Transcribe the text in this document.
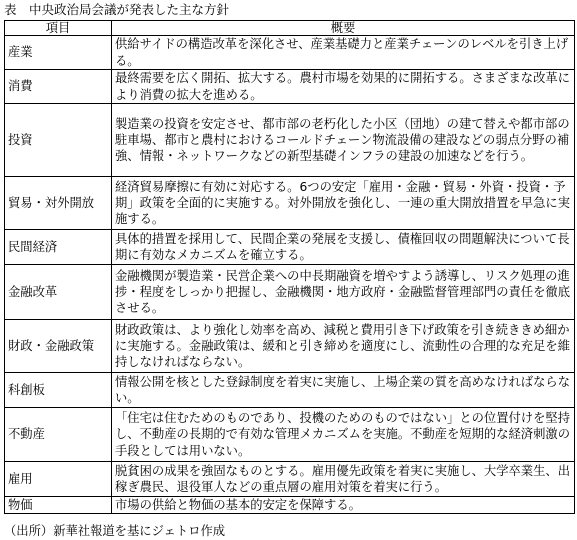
表　中央政治局会議が発表した主な方針
項目	概要
産業	供給サイドの構造改革を深化させ、産業基礎力と産業チェーンのレベルを引き上げる。
消費	最終需要を広く開拓、拡大する。農村市場を効果的に開拓する。さまざまな改革により消費の拡大を進める。
投資	製造業の投資を安定させ、都市部の老朽化した小区（団地）の建て替えや都市部の駐車場、都市と農村におけるコールドチェーン物流設備の建設などの弱点分野の補強、情報・ネットワークなどの新型基礎インフラの建設の加速などを行う。
貿易・対外開放	経済貿易摩擦に有効に対応する。6つの安定「雇用・金融・貿易・外資・投資・予期」政策を全面的に実施する。対外開放を強化し、一連の重大開放措置を早急に実施する。
民間経済	具体的措置を採用して、民間企業の発展を支援し、債権回収の問題解決について長期に有効なメカニズムを確立する。
金融改革	金融機関が製造業・民営企業への中長期融資を増やすよう誘導し、リスク処理の進捗・程度をしっかり把握し、金融機関・地方政府・金融監督管理部門の責任を徹底させる。
財政・金融政策	財政政策は、より強化し効率を高め、減税と費用引き下げ政策を引き続ききめ細かに実施する。金融政策は、緩和と引き締めを適度にし、流動性の合理的な充足を維持しなければならない。
科創板	情報公開を核とした登録制度を着実に実施し、上場企業の質を高めなければならない。
不動産	「住宅は住むためのものであり、投機のためのものではない」との位置付けを堅持し、不動産の長期的で有効な管理メカニズムを実施。不動産を短期的な経済刺激の手段としては用いない。
雇用	脱貧困の成果を強固なものとする。雇用優先政策を着実に実施し、大学卒業生、出稼ぎ農民、退役軍人などの重点層の雇用対策を着実に行う。
物価	市場の供給と物価の基本的安定を保障する。
（出所）新華社報道を基にジェトロ作成
